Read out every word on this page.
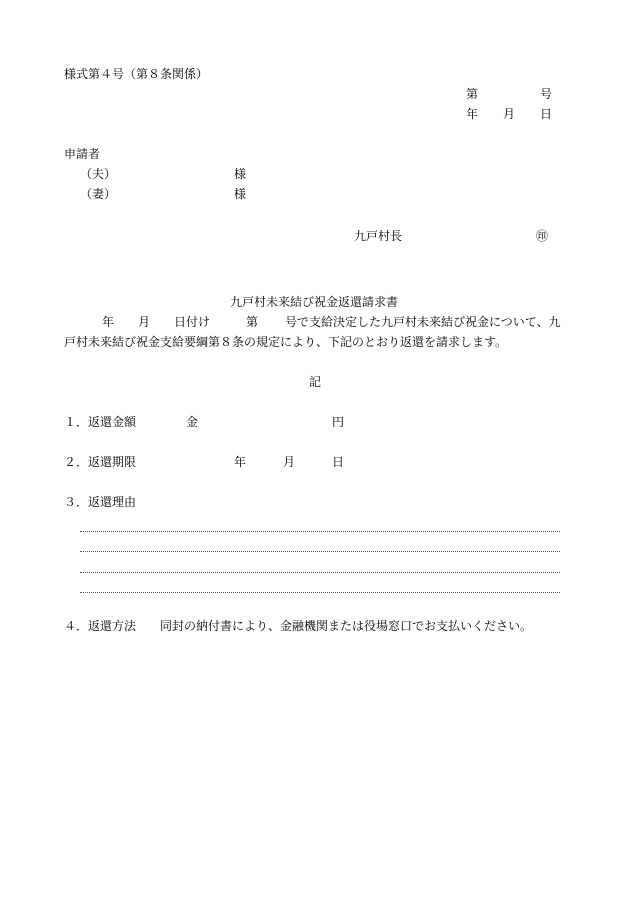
様式第４号（第８条関係）
第	号
年 月 日
申請者
（夫）	様
（妻）	様
九戸村長	㊞
九戸村未来結び祝金返還請求書
年 月 日付け	第 号で支給決定した九戸村未来結び祝金について、九
戸村未来結び祝金支給要綱第８条の規定により、下記のとおり返還を請求します。
記
１． 返還金額	金	円
２． 返還期限	年	月	日
３． 返還理由
４． 返還方法 同封の納付書により、金融機関または役場窓口でお支払いください。
